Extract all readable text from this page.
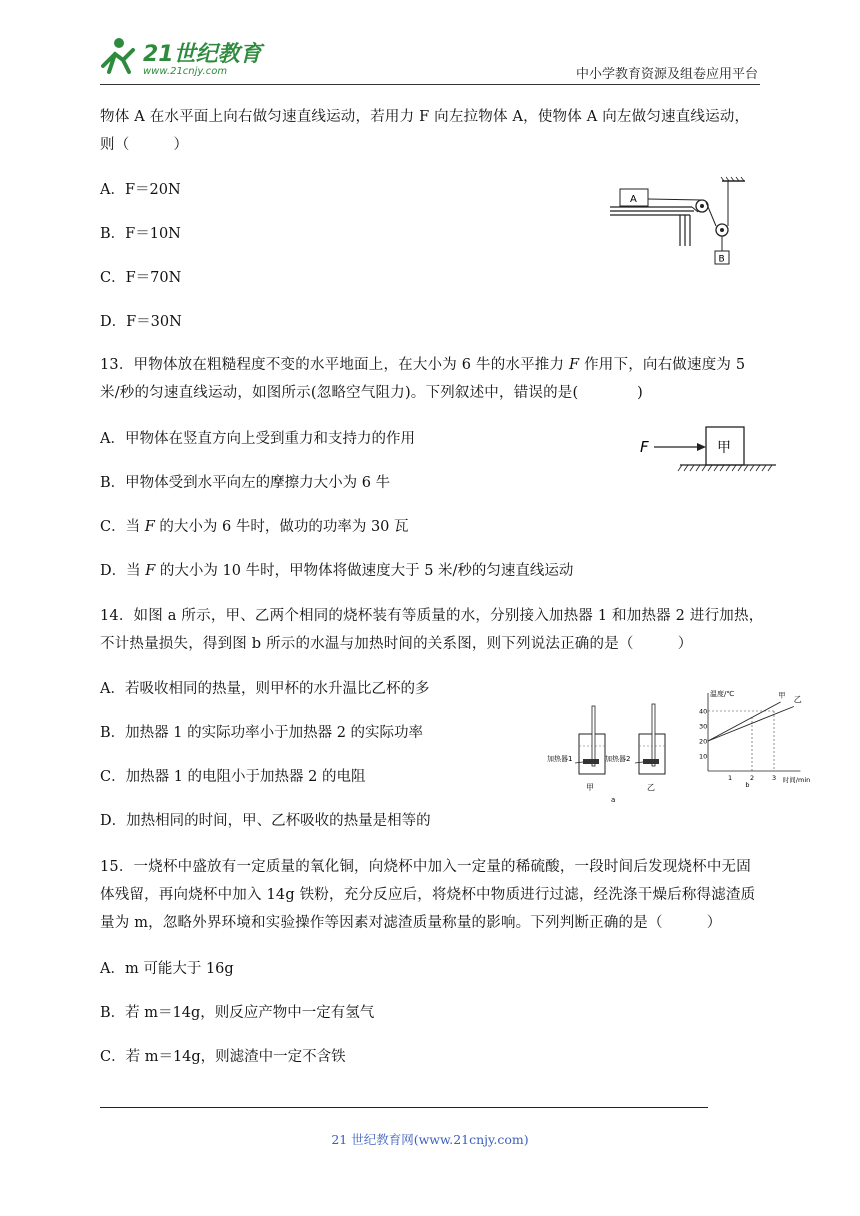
21世纪教育
www.21cnjy.com	中小学教育资源及组卷应用平台
物体 A 在水平面上向右做匀速直线运动，若用力 F 向左拉物体 A，使物体 A 向左做匀速直线运动，
则（　　　）
A．F＝20N
B．F＝10N
C．F＝70N
D．F＝30N
A
B
13．甲物体放在粗糙程度不变的水平地面上，在大小为 6 牛的水平推力 F 作用下，向右做速度为 5
米/秒的匀速直线运动，如图所示(忽略空气阻力)。下列叙述中，错误的是(　　　　)
A．甲物体在竖直方向上受到重力和支持力的作用
B．甲物体受到水平向左的摩擦力大小为 6 牛
C．当 F 的大小为 6 牛时，做功的功率为 30 瓦
D．当 F 的大小为 10 牛时，甲物体将做速度大于 5 米/秒的匀速直线运动
F	甲
14．如图 a 所示，甲、乙两个相同的烧杯装有等质量的水，分别接入加热器 1 和加热器 2 进行加热，
不计热量损失，得到图 b 所示的水温与加热时间的关系图，则下列说法正确的是（　　　）
A．若吸收相同的热量，则甲杯的水升温比乙杯的多
B．加热器 1 的实际功率小于加热器 2 的实际功率
C．加热器 1 的电阻小于加热器 2 的电阻
D．加热相同的时间，甲、乙杯吸收的热量是相等的
加热器1
甲
加热器2
乙
a
温度/℃
时间/min
10
20
30
40
1	2	3
甲 乙
b
15．一烧杯中盛放有一定质量的氧化铜，向烧杯中加入一定量的稀硫酸，一段时间后发现烧杯中无固
体残留，再向烧杯中加入 14g 铁粉，充分反应后，将烧杯中物质进行过滤，经洗涤干燥后称得滤渣质
量为 m，忽略外界环境和实验操作等因素对滤渣质量称量的影响。下列判断正确的是（　　　）
A．m 可能大于 16g
B．若 m＝14g，则反应产物中一定有氢气
C．若 m＝14g，则滤渣中一定不含铁
21 世纪教育网(www.21cnjy.com)
